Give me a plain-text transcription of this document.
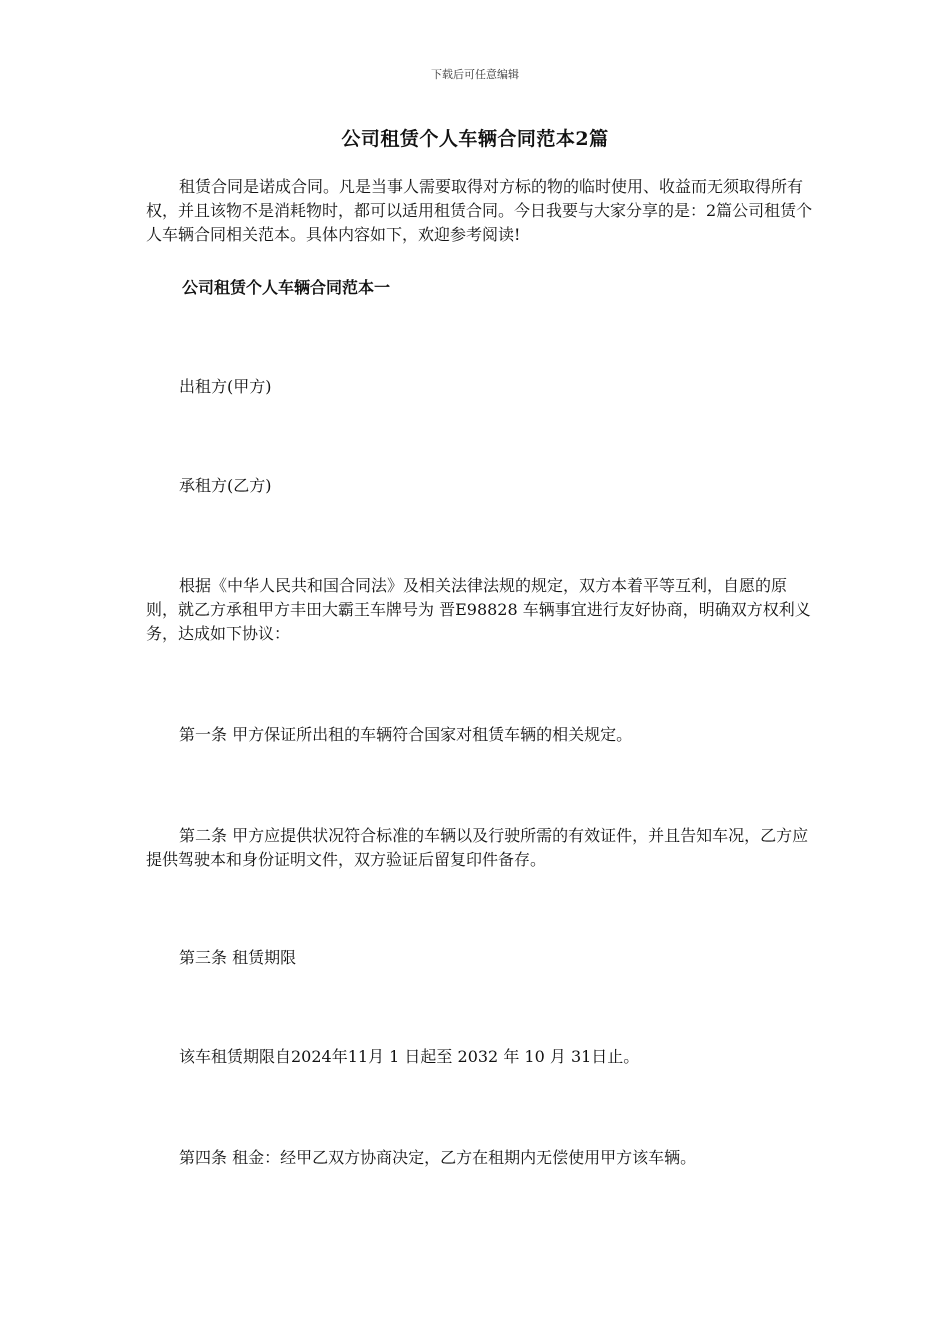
下载后可任意编辑
公司租赁个人车辆合同范本2篇

租赁合同是诺成合同。凡是当事人需要取得对方标的物的临时使用、收益而无须取得所有权，并且该物不是消耗物时，都可以适用租赁合同。今日我要与大家分享的是：2篇公司租赁个人车辆合同相关范本。具体内容如下，欢迎参考阅读!

公司租赁个人车辆合同范本一

出租方(甲方)

承租方(乙方)

根据《中华人民共和国合同法》及相关法律法规的规定，双方本着平等互利，自愿的原则，就乙方承租甲方丰田大霸王车牌号为 晋E98828 车辆事宜进行友好协商，明确双方权利义务，达成如下协议：

第一条 甲方保证所出租的车辆符合国家对租赁车辆的相关规定。

第二条 甲方应提供状况符合标准的车辆以及行驶所需的有效证件，并且告知车况，乙方应提供驾驶本和身份证明文件，双方验证后留复印件备存。

第三条 租赁期限

该车租赁期限自2024年11月 1 日起至 2032 年 10 月 31日止。

第四条 租金：经甲乙双方协商决定，乙方在租期内无偿使用甲方该车辆。
